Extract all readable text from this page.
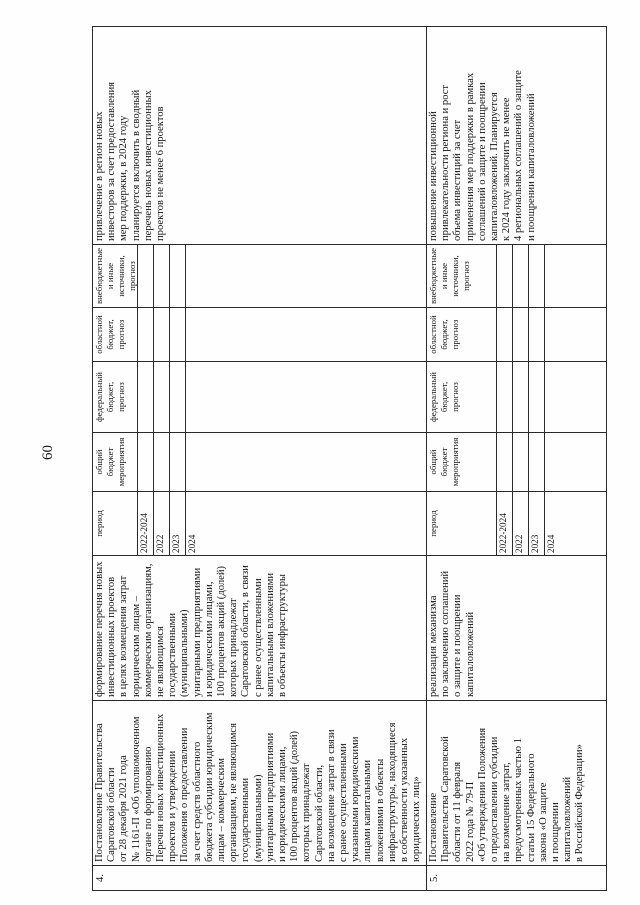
60
4.
Постановление Правительства
Саратовской области
от 28 декабря 2021 года
№ 1161-П «Об уполномоченном
органе по формированию
Перечня новых инвестиционных
проектов и утверждении
Положения о предоставлении
за счет средств областного
бюджета субсидии юридическим
лицам – коммерческим
организациям, не являющимся
государственными
(муниципальными)
унитарными предприятиями
и юридическими лицами,
100 процентов акций (долей)
которых принадлежат
Саратовской области,
на возмещение затрат в связи
с ранее осуществленными
указанными юридическими
лицами капитальными
вложениями в объекты
инфраструктуры, находящиеся
в собственности указанных
юридических лиц»
формирование перечня новых
инвестиционных проектов
в целях возмещения затрат
юридическим лицам –
коммерческим организациям,
не являющимся
государственными
(муниципальными)
унитарными предприятиями
и юридическими лицами,
100 процентов акций (долей)
которых принадлежат
Саратовской области, в связи
с ранее осуществленными
капитальными вложениями
в объекты инфраструктуры
период
общий
бюджет
мероприятия
федеральный
бюджет,
прогноз
областной
бюджет,
прогноз
внебюджетные
и иные
источники,
прогноз
привлечение в регион новых
инвесторов за счет предоставления
мер поддержки, в 2024 году
планируется включить в сводный
перечень новых инвестиционных
проектов не менее 6 проектов
2022-2024 2022 2023 2024
5.
Постановление
Правительства Саратовской
области от 11 февраля
2022 года № 79-П
«Об утверждении Положения
о предоставлении субсидии
на возмещение затрат,
предусмотренных частью 1
статьи 15 Федерального
закона «О защите
и поощрении
капиталовложений
в Российской Федерации»
реализация механизма
по заключению соглашений
о защите и поощрении
капиталовложений
период
общий
бюджет
мероприятия
федеральный
бюджет,
прогноз
областной
бюджет,
прогноз
внебюджетные
и иные
источники,
прогноз
повышение инвестиционной
привлекательности региона и рост
объема инвестиций за счет
применения мер поддержки в рамках
соглашений о защите и поощрении
капиталовложений. Планируется
к 2024 году заключить не менее
4 региональных соглашений о защите
и поощрении капиталовложений
2022-2024 2022 2023 2024
